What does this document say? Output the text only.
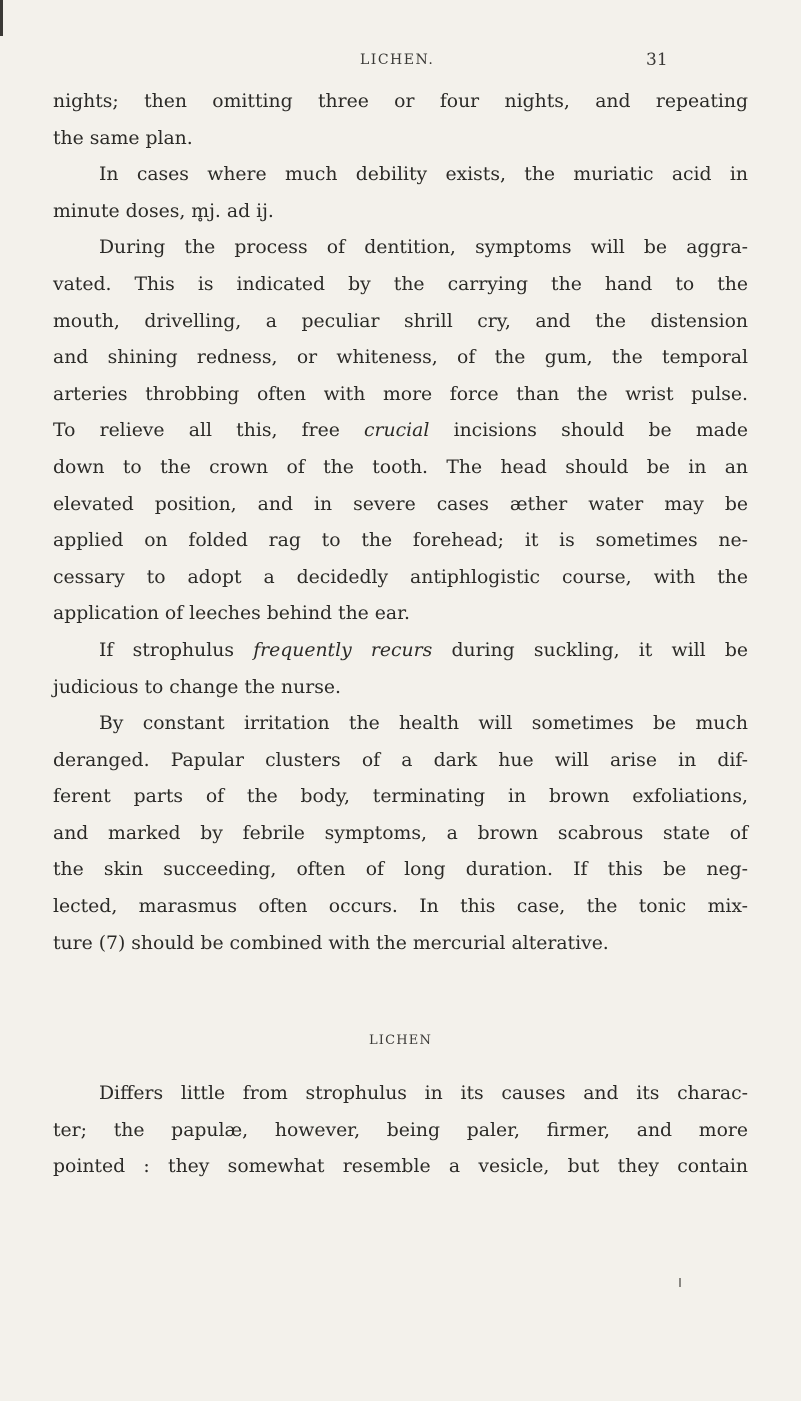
LICHEN.	31
nights; then omitting three or four nights, and repeating
the same plan.
In cases where much debility exists, the muriatic acid in
minute doses, m̥j. ad ij.
During the process of dentition, symptoms will be aggra-
vated. This is indicated by the carrying the hand to the
mouth, drivelling, a peculiar shrill cry, and the distension
and shining redness, or whiteness, of the gum, the temporal
arteries throbbing often with more force than the wrist pulse.
To relieve all this, free crucial incisions should be made
down to the crown of the tooth. The head should be in an
elevated position, and in severe cases æther water may be
applied on folded rag to the forehead; it is sometimes ne-
cessary to adopt a decidedly antiphlogistic course, with the
application of leeches behind the ear.
If strophulus frequently recurs during suckling, it will be
judicious to change the nurse.
By constant irritation the health will sometimes be much
deranged. Papular clusters of a dark hue will arise in dif-
ferent parts of the body, terminating in brown exfoliations,
and marked by febrile symptoms, a brown scabrous state of
the skin succeeding, often of long duration. If this be neg-
lected, marasmus often occurs. In this case, the tonic mix-
ture (7) should be combined with the mercurial alterative.
LICHEN
Differs little from strophulus in its causes and its charac-
ter; the papulæ, however, being paler, firmer, and more
pointed : they somewhat resemble a vesicle, but they contain
